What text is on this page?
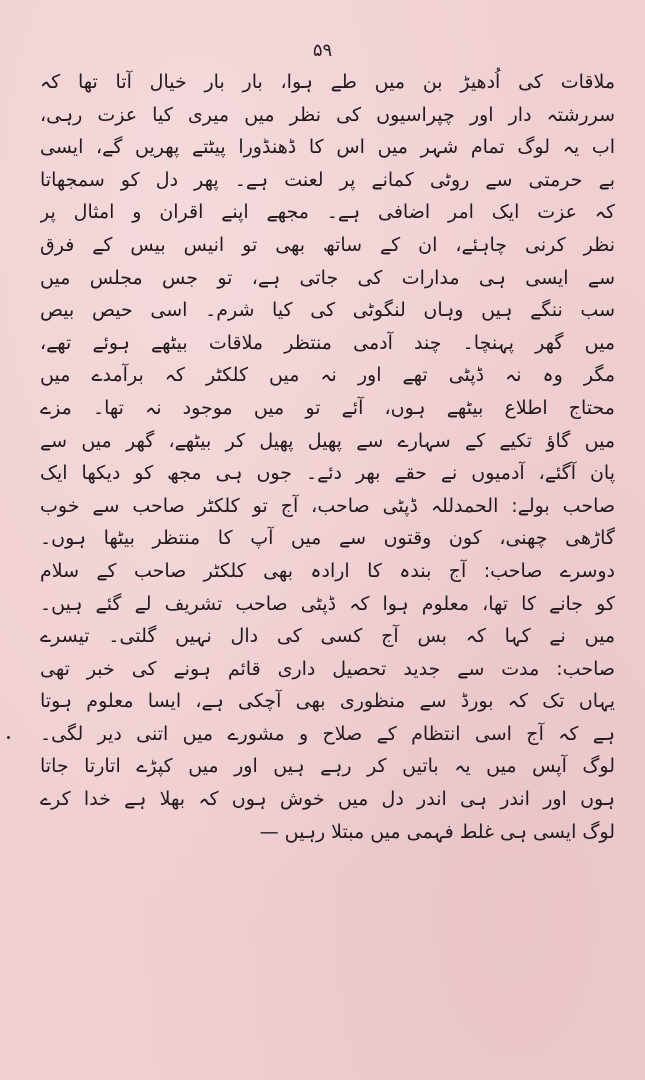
۵۹
ملاقات کی اُدھیڑ بن میں طے ہوا، بار بار خیال آتا تھا کہ
سررشتہ دار اور چپراسیوں کی نظر میں میری کیا عزت رہی،
اب یہ لوگ تمام شہر میں اس کا ڈھنڈورا پیٹتے پھریں گے، ایسی
بے حرمتی سے روٹی کمانے پر لعنت ہے۔ پھر دل کو سمجھاتا
کہ عزت ایک امر اضافی ہے۔ مجھے اپنے اقران و امثال پر
نظر کرنی چاہئے، ان کے ساتھ بھی تو انیس بیس کے فرق
سے ایسی ہی مدارات کی جاتی ہے، تو جس مجلس میں
سب ننگے ہیں وہاں لنگوٹی کی کیا شرم۔ اسی حیص بیص
میں گھر پہنچا۔ چند آدمی منتظر ملاقات بیٹھے ہوئے تھے،
مگر وہ نہ ڈپٹی تھے اور نہ میں کلکٹر کہ برآمدے میں
محتاج اطلاع بیٹھے ہوں، آئے تو میں موجود نہ تھا۔ مزے
میں گاؤ تکیے کے سہارے سے پھیل پھیل کر بیٹھے، گھر میں سے
پان آگئے، آدمیوں نے حقے بھر دئے۔ جوں ہی مجھ کو دیکھا ایک
صاحب بولے: الحمدللہ ڈپٹی صاحب، آج تو کلکٹر صاحب سے خوب
گاڑھی چھنی، کون وقتوں سے میں آپ کا منتظر بیٹھا ہوں۔
دوسرے صاحب: آج بندہ کا ارادہ بھی کلکٹر صاحب کے سلام
کو جانے کا تھا، معلوم ہوا کہ ڈپٹی صاحب تشریف لے گئے ہیں۔
میں نے کہا کہ بس آج کسی کی دال نہیں گلتی۔ تیسرے
صاحب: مدت سے جدید تحصیل داری قائم ہونے کی خبر تھی
یہاں تک کہ بورڈ سے منظوری بھی آچکی ہے، ایسا معلوم ہوتا
ہے کہ آج اسی انتظام کے صلاح و مشورے میں اتنی دیر لگی۔
لوگ آپس میں یہ باتیں کر رہے ہیں اور میں کپڑے اتارتا جاتا
ہوں اور اندر ہی اندر دل میں خوش ہوں کہ بھلا ہے خدا کرے
لوگ ایسی ہی غلط فہمی میں مبتلا رہیں —
